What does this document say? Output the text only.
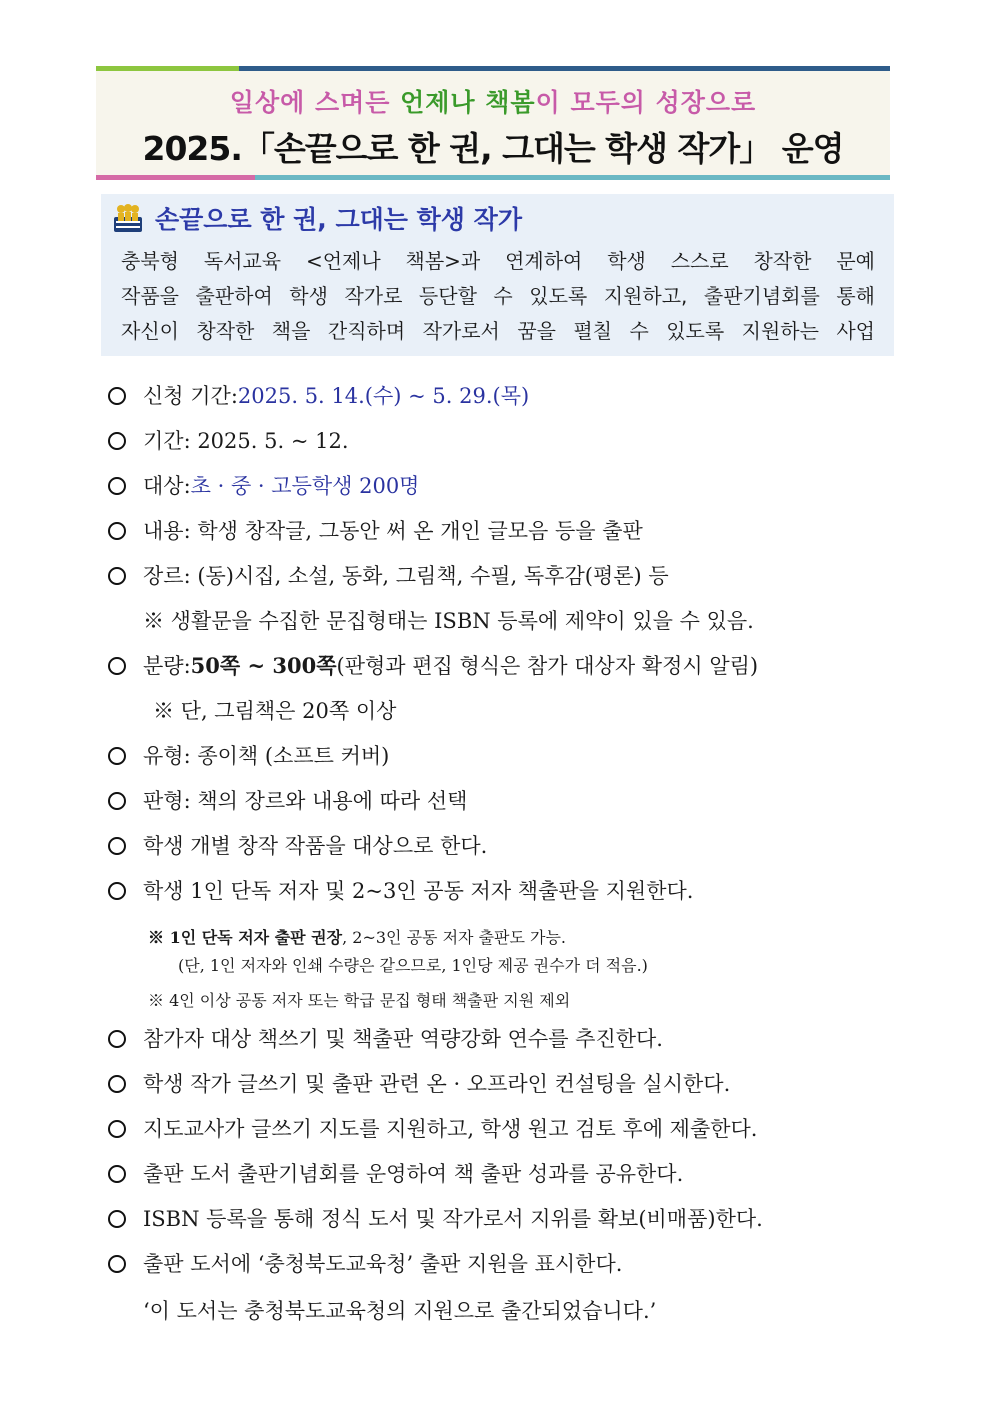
일상에 스며든 언제나 책봄이 모두의 성장으로
2025.「손끝으로 한 권, 그대는 학생 작가」 운영
손끝으로 한 권, 그대는 학생 작가
충북형 독서교육 <언제나 책봄>과 연계하여 학생 스스로 창작한 문예
작품을 출판하여 학생 작가로 등단할 수 있도록 지원하고, 출판기념회를 통해
자신이 창작한 책을 간직하며 작가로서 꿈을 펼칠 수 있도록 지원하는 사업
신청 기간: 2025. 5. 14.(수) ~ 5. 29.(목)
기간: 2025. 5. ~ 12.
대상: 초 · 중 · 고등학생 200명
내용: 학생 창작글, 그동안 써 온 개인 글모음 등을 출판
장르: (동)시집, 소설, 동화, 그림책, 수필, 독후감(평론) 등
※ 생활문을 수집한 문집형태는 ISBN 등록에 제약이 있을 수 있음.
분량: 50쪽 ~ 300쪽 (판형과 편집 형식은 참가 대상자 확정시 알림)
※ 단, 그림책은 20쪽 이상
유형: 종이책 (소프트 커버)
판형: 책의 장르와 내용에 따라 선택
학생 개별 창작 작품을 대상으로 한다.
학생 1인 단독 저자 및 2~3인 공동 저자 책출판을 지원한다.
※ 1인 단독 저자 출판 권장, 2~3인 공동 저자 출판도 가능.
(단, 1인 저자와 인쇄 수량은 같으므로, 1인당 제공 권수가 더 적음.)
※ 4인 이상 공동 저자 또는 학급 문집 형태 책출판 지원 제외
참가자 대상 책쓰기 및 책출판 역량강화 연수를 추진한다.
학생 작가 글쓰기 및 출판 관련 온 · 오프라인 컨설팅을 실시한다.
지도교사가 글쓰기 지도를 지원하고, 학생 원고 검토 후에 제출한다.
출판 도서 출판기념회를 운영하여 책 출판 성과를 공유한다.
ISBN 등록을 통해 정식 도서 및 작가로서 지위를 확보(비매품)한다.
출판 도서에 ‘충청북도교육청’ 출판 지원을 표시한다.
‘이 도서는 충청북도교육청의 지원으로 출간되었습니다.’
